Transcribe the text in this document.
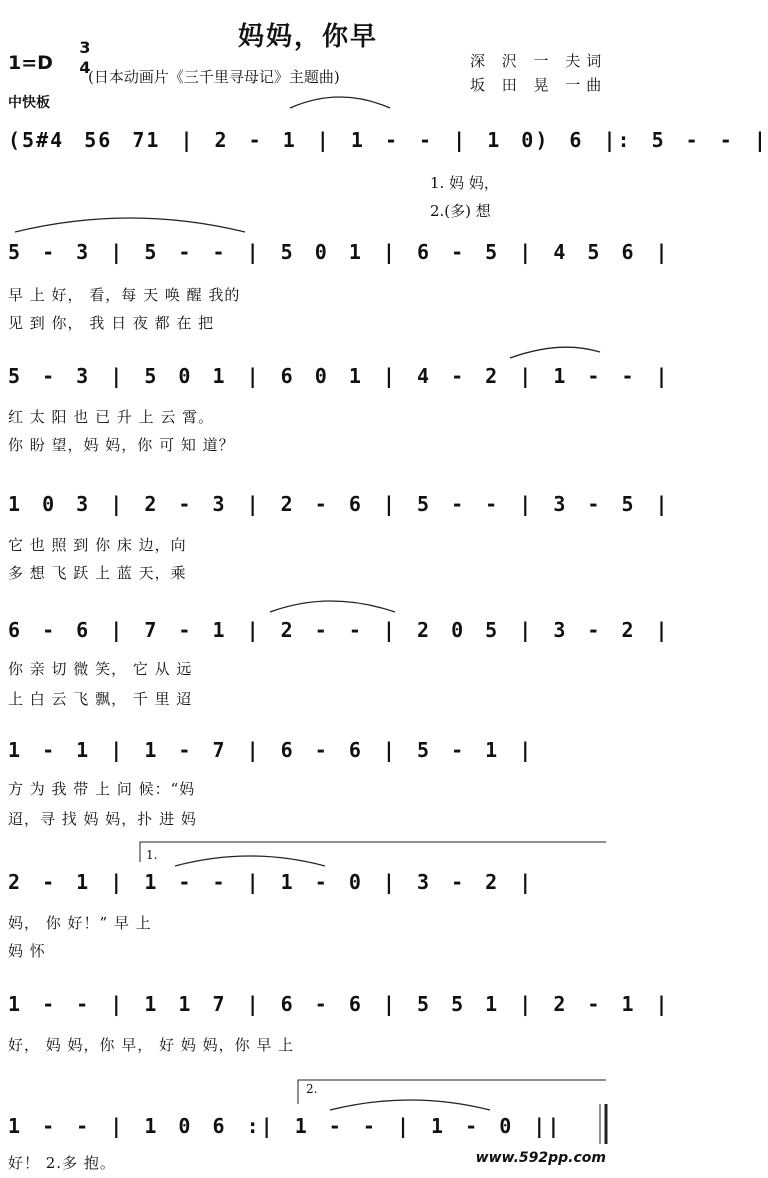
妈妈，你早
1=D
3
4
(日本动画片《三千里寻母记》主题曲)
深 沢 一 夫词
坂 田 晃 一曲
中快板
(5#4 56 71 | 2 - 1 | 1 - - | 1 0) 6 |: 5 - - |
1. 妈 妈，
2.(多) 想
5 - 3 | 5 - - | 5 0 1 | 6 - 5 | 4 5 6 |
早 上 好， 看，每 天 唤 醒 我的
见 到 你， 我 日 夜 都 在 把
5 - 3 | 5 0 1 | 6 0 1 | 4 - 2 | 1 - - |
红 太 阳 也 已 升 上 云 霄。
你 盼 望，妈 妈，你 可 知 道？
1 0 3 | 2 - 3 | 2 - 6 | 5 - - | 3 - 5 |
它 也 照 到 你 床 边，向
多 想 飞 跃 上 蓝 天，乘
6 - 6 | 7 - 1 | 2 - - | 2 0 5 | 3 - 2 |
你 亲 切 微 笑， 它 从 远
上 白 云 飞 飘， 千 里 迢
1 - 1 | 1 - 7 | 6 - 6 | 5 - 1 |
方 为 我 带 上 问 候：“妈
迢，寻 找 妈 妈，扑 进 妈
1.
2 - 1 | 1 - - | 1 - 0 | 3 - 2 |
妈， 你 好！” 早 上
妈 怀
1 - - | 1 1 7 | 6 - 6 | 5 5 1 | 2 - 1 |
好， 妈 妈，你 早， 好 妈 妈，你 早 上
2.
1 - - | 1 0 6 :| 1 - - | 1 - 0 ||
好！ 2.多 抱。	www.592pp.com
